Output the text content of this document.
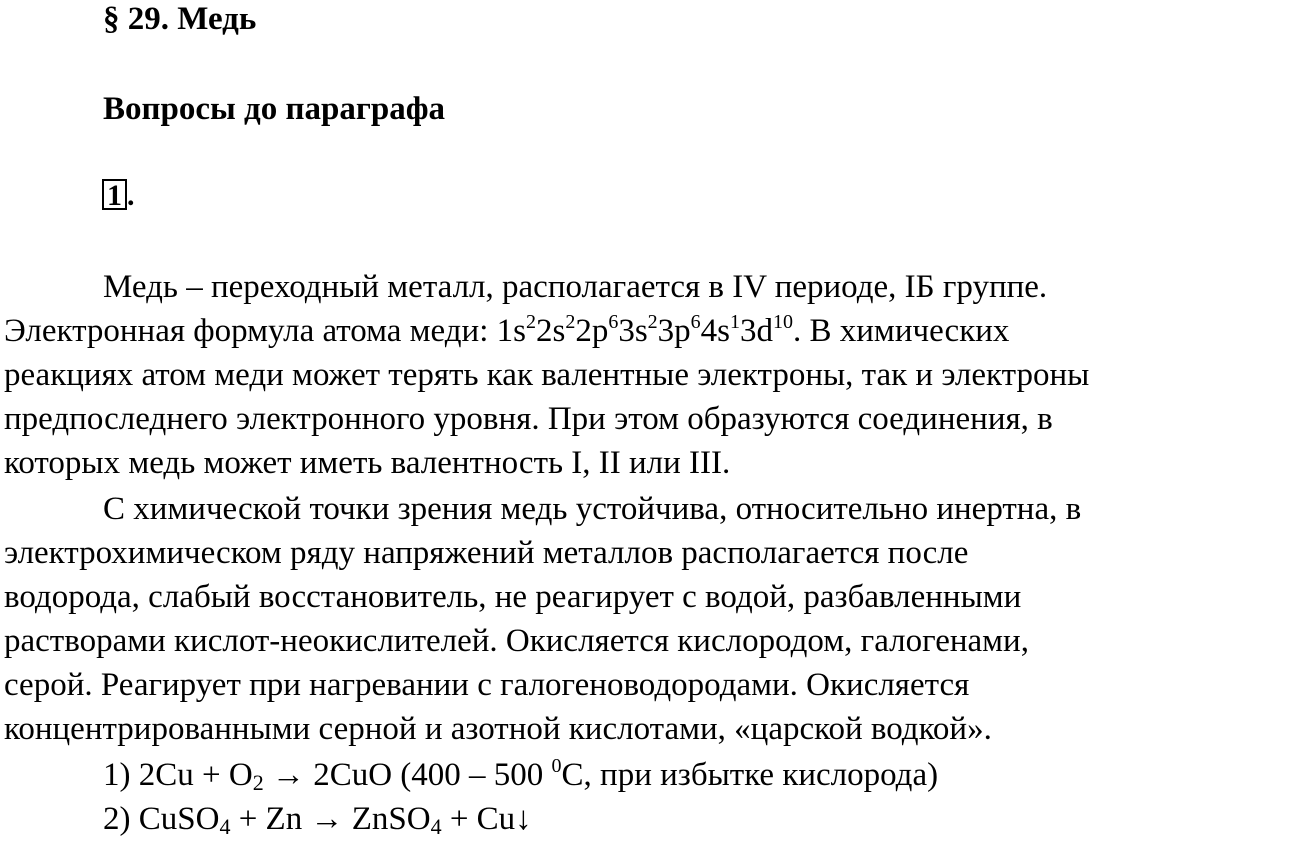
§ 29. Медь
Вопросы до параграфа
1 .
Медь – переходный металл, располагается в IV периоде, IБ группе.
Электронная формула атома меди: $1s^22s^22p^63s^23p^64s^13d^{10}$. В химических
реакциях атом меди может терять как валентные электроны, так и электроны
предпоследнего электронного уровня. При этом образуются соединения, в
которых медь может иметь валентность I, II или III.
С химической точки зрения медь устойчива, относительно инертна, в
электрохимическом ряду напряжений металлов располагается после
водорода, слабый восстановитель, не реагирует с водой, разбавленными
растворами кислот-неокислителей. Окисляется кислородом, галогенами,
серой. Реагирует при нагревании с галогеноводородами. Окисляется
концентрированными серной и азотной кислотами, «царской водкой».
1) $2Cu + O_2 \to 2CuO$ (400 – 500 $^0$С, при избытке кислорода)
2) CuSO$_4$ + Zn → ZnSO$_4$ + Cu↓
